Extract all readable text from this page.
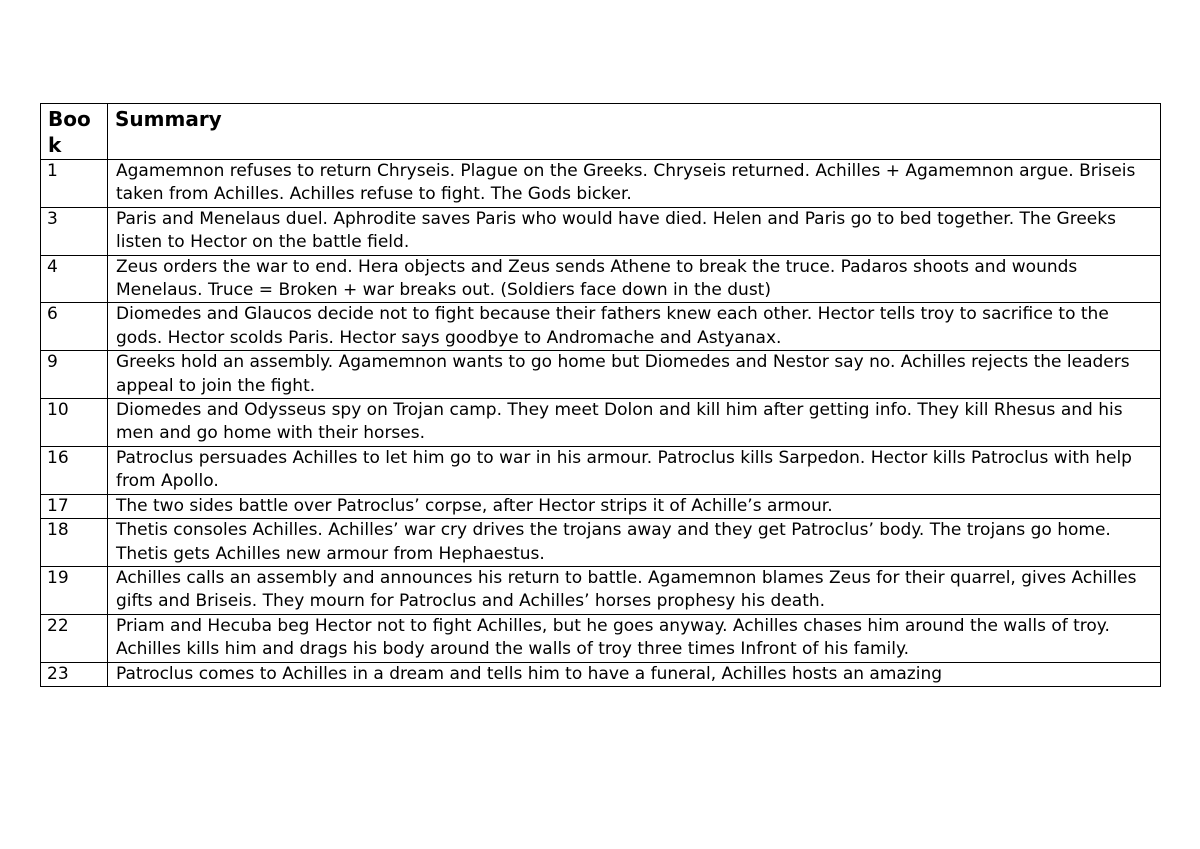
Book	Summary
1	Agamemnon refuses to return Chryseis. Plague on the Greeks. Chryseis returned. Achilles + Agamemnon argue. Briseis taken from Achilles. Achilles refuse to fight. The Gods bicker.
3	Paris and Menelaus duel. Aphrodite saves Paris who would have died. Helen and Paris go to bed together. The Greeks listen to Hector on the battle field.
4	Zeus orders the war to end. Hera objects and Zeus sends Athene to break the truce. Padaros shoots and wounds Menelaus. Truce = Broken + war breaks out. (Soldiers face down in the dust)
6	Diomedes and Glaucos decide not to fight because their fathers knew each other. Hector tells troy to sacrifice to the gods. Hector scolds Paris. Hector says goodbye to Andromache and Astyanax.
9	Greeks hold an assembly. Agamemnon wants to go home but Diomedes and Nestor say no. Achilles rejects the leaders appeal to join the fight.
10	Diomedes and Odysseus spy on Trojan camp. They meet Dolon and kill him after getting info. They kill Rhesus and his men and go home with their horses.
16	Patroclus persuades Achilles to let him go to war in his armour. Patroclus kills Sarpedon. Hector kills Patroclus with help from Apollo.
17	The two sides battle over Patroclus’ corpse, after Hector strips it of Achille’s armour.
18	Thetis consoles Achilles. Achilles’ war cry drives the trojans away and they get Patroclus’ body. The trojans go home. Thetis gets Achilles new armour from Hephaestus.
19	Achilles calls an assembly and announces his return to battle. Agamemnon blames Zeus for their quarrel, gives Achilles gifts and Briseis. They mourn for Patroclus and Achilles’ horses prophesy his death.
22	Priam and Hecuba beg Hector not to fight Achilles, but he goes anyway. Achilles chases him around the walls of troy. Achilles kills him and drags his body around the walls of troy three times Infront of his family.
23	Patroclus comes to Achilles in a dream and tells him to have a funeral, Achilles hosts an amazing
